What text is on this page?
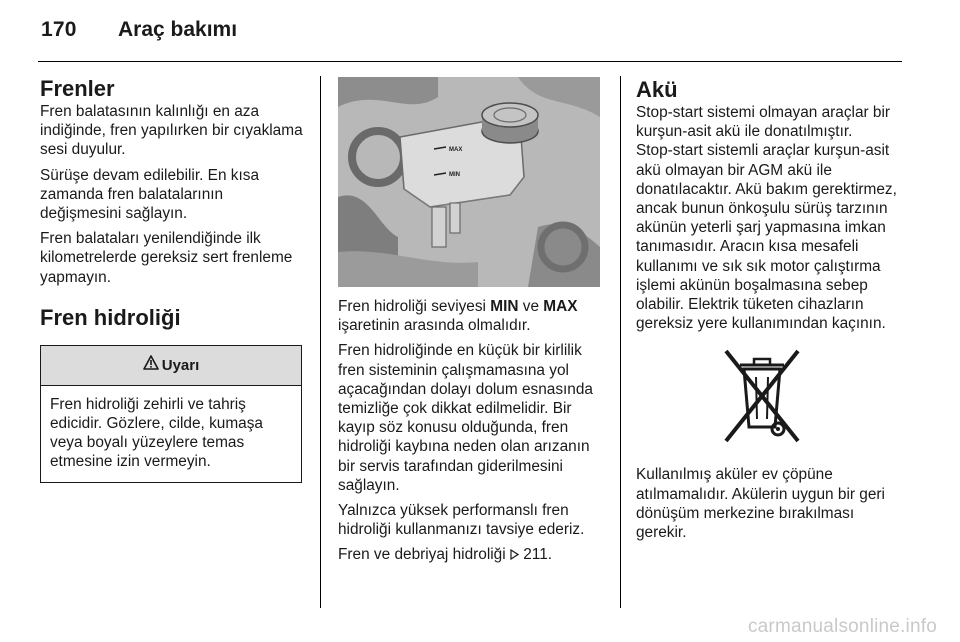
170 Araç bakımı
Frenler

Fren balatasının kalınlığı en aza indiğinde, fren yapılırken bir cıyaklama sesi duyulur.

Sürüşe devam edilebilir. En kısa zamanda fren balatalarının değişmesini sağlayın.

Fren balataları yenilendiğinde ilk kilometrelerde gereksiz sert frenleme yapmayın.

Fren hidroliği
Uyarı
Fren hidroliği zehirli ve tahriş edicidir. Gözlere, cilde, kumaşa veya boyalı yüzeylere temas etmesine izin vermeyin.
MAX
MIN

Fren hidroliği seviyesi MIN ve MAX işaretinin arasında olmalıdır.

Fren hidroliğinde en küçük bir kirlilik fren sisteminin çalışmamasına yol açacağından dolayı dolum esnasında temizliğe çok dikkat edilmelidir. Bir kayıp söz konusu olduğunda, fren hidroliği kaybına neden olan arızanın bir servis tarafından giderilmesini sağlayın.

Yalnızca yüksek performanslı fren hidroliği kullanmanızı tavsiye ederiz.

Fren ve debriyaj hidroliği  211.

Akü

Stop-start sistemi olmayan araçlar bir kurşun-asit akü ile donatılmıştır.

Stop-start sistemli araçlar kurşun-asit akü olmayan bir AGM akü ile donatılacaktır. Akü bakım gerektirmez, ancak bunun önkoşulu sürüş tarzının akünün yeterli şarj yapmasına imkan tanımasıdır. Aracın kısa mesafeli kullanımı ve sık sık motor çalıştırma işlemi akünün boşalmasına sebep olabilir. Elektrik tüketen cihazların gereksiz yere kullanımından kaçının.

Kullanılmış aküler ev çöpüne atılmamalıdır. Akülerin uygun bir geri dönüşüm merkezine bırakılması gerekir.

carmanualsonline.info
